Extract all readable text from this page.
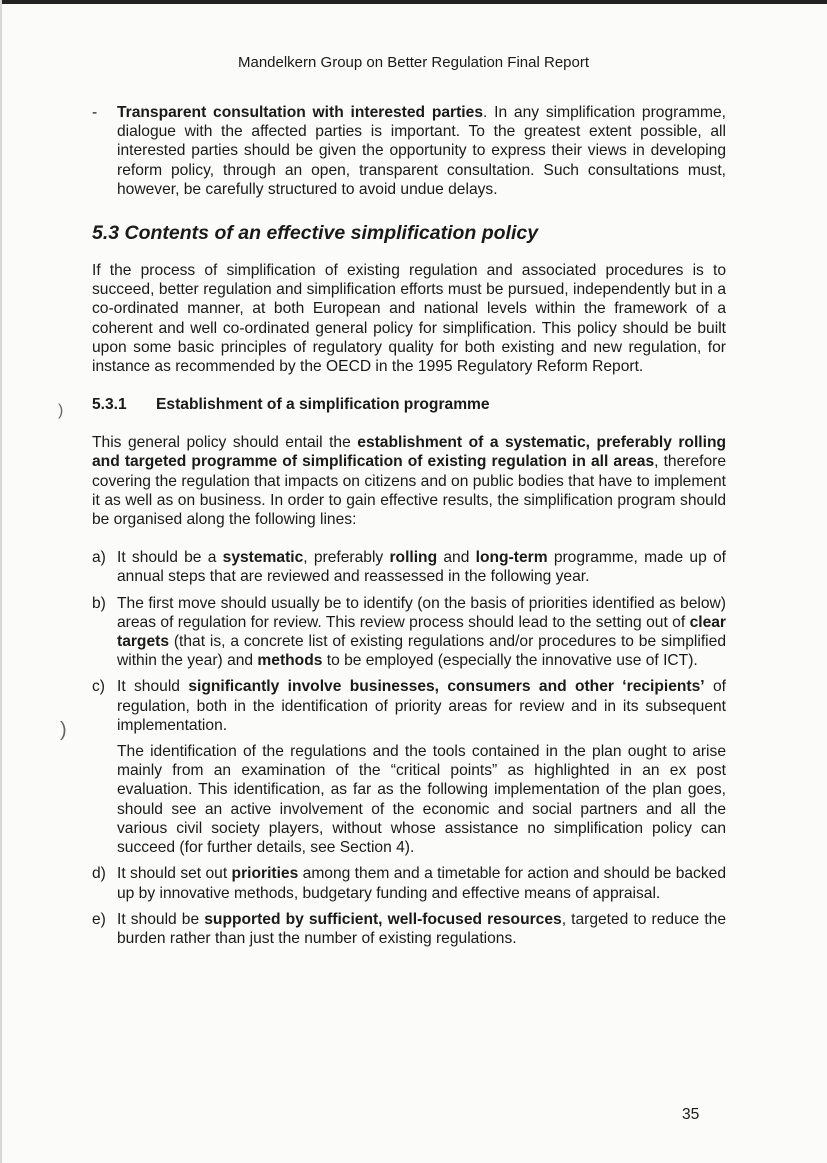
)
)
Mandelkern Group on Better Regulation Final Report

-	Transparent consultation with interested parties. In any simplification programme, dialogue with the affected parties is important. To the greatest extent possible, all interested parties should be given the opportunity to express their views in developing reform policy, through an open, transparent consultation. Such consultations must, however, be carefully structured to avoid undue delays.

5.3 Contents of an effective simplification policy

If the process of simplification of existing regulation and associated procedures is to succeed, better regulation and simplification efforts must be pursued, independently but in a co-ordinated manner, at both European and national levels within the framework of a coherent and well co-ordinated general policy for simplification. This policy should be built upon some basic principles of regulatory quality for both existing and new regulation, for instance as recommended by the OECD in the 1995 Regulatory Reform Report.

5.3.1 Establishment of a simplification programme

This general policy should entail the establishment of a systematic, preferably rolling and targeted programme of simplification of existing regulation in all areas, therefore covering the regulation that impacts on citizens and on public bodies that have to implement it as well as on business. In order to gain effective results, the simplification program should be organised along the following lines:

a) It should be a systematic, preferably rolling and long-term programme, made up of annual steps that are reviewed and reassessed in the following year.

b) The first move should usually be to identify (on the basis of priorities identified as below) areas of regulation for review. This review process should lead to the setting out of clear targets (that is, a concrete list of existing regulations and/or procedures to be simplified within the year) and methods to be employed (especially the innovative use of ICT).

c) It should significantly involve businesses, consumers and other ‘recipients’ of regulation, both in the identification of priority areas for review and in its subsequent implementation.

The identification of the regulations and the tools contained in the plan ought to arise mainly from an examination of the “critical points” as highlighted in an ex post evaluation. This identification, as far as the following implementation of the plan goes, should see an active involvement of the economic and social partners and all the various civil society players, without whose assistance no simplification policy can succeed (for further details, see Section 4).

d) It should set out priorities among them and a timetable for action and should be backed up by innovative methods, budgetary funding and effective means of appraisal.

e) It should be supported by sufficient, well-focused resources, targeted to reduce the burden rather than just the number of existing regulations.

35
